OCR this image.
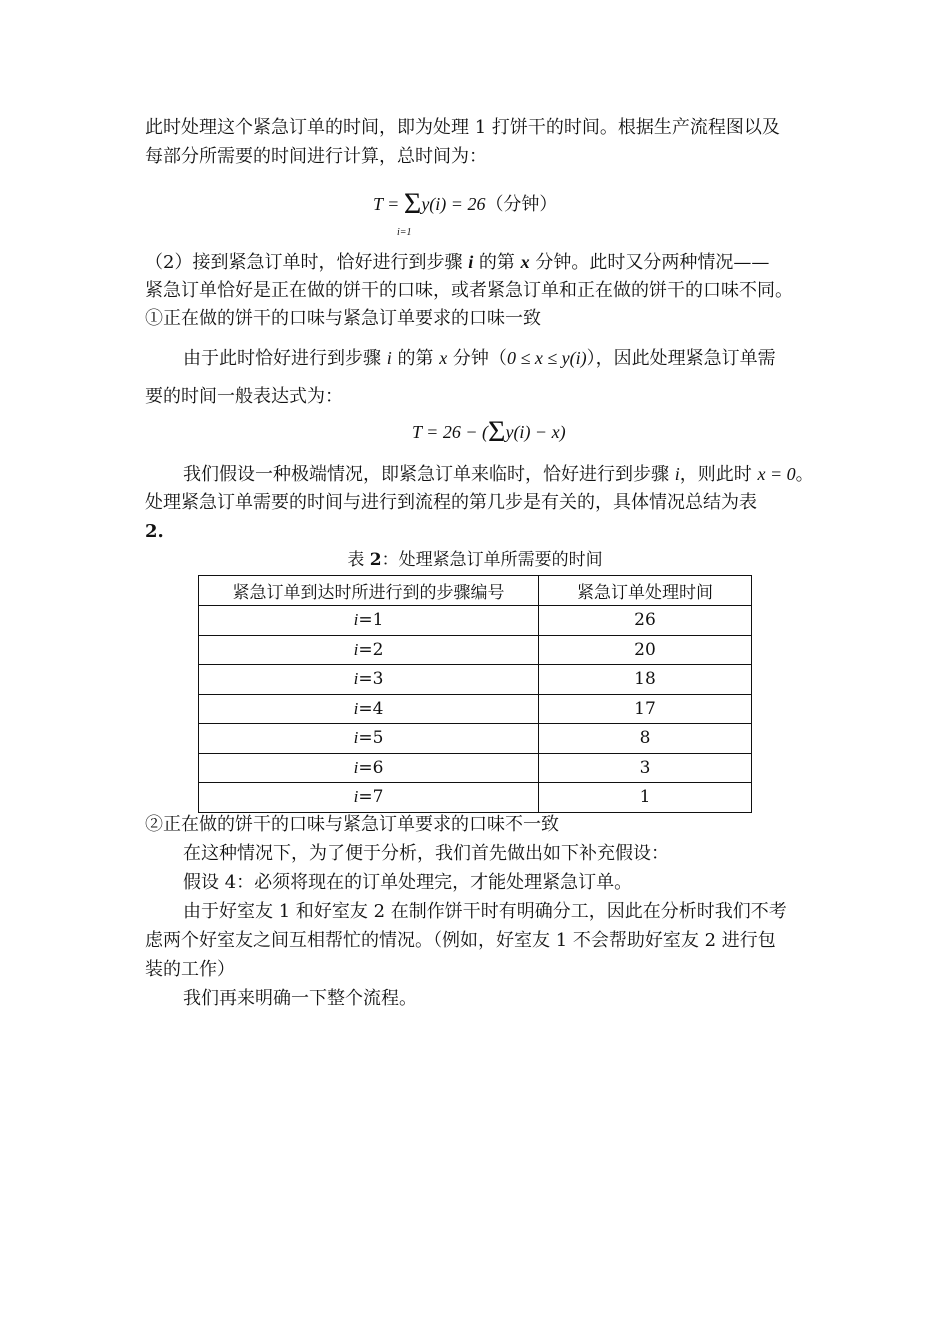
此时处理这个紧急订单的时间，即为处理 1 打饼干的时间。根据生产流程图以及
每部分所需要的时间进行计算，总时间为：
T = Σy(i) = 26（分钟）
i=1
（2）接到紧急订单时，恰好进行到步骤 i 的第 x 分钟。此时又分两种情况——
紧急订单恰好是正在做的饼干的口味，或者紧急订单和正在做的饼干的口味不同。
①正在做的饼干的口味与紧急订单要求的口味一致
由于此时恰好进行到步骤 i 的第 x 分钟（0 ≤ x ≤ y(i)），因此处理紧急订单需
要的时间一般表达式为：
T = 26 − (Σy(i) − x)
我们假设一种极端情况，即紧急订单来临时，恰好进行到步骤 i，则此时 x = 0。
处理紧急订单需要的时间与进行到流程的第几步是有关的，具体情况总结为表
2.
表 2：处理紧急订单所需要的时间
紧急订单到达时所进行到的步骤编号	紧急订单处理时间
i=1	26
i=2	20
i=3	18
i=4	17
i=5	8
i=6	3
i=7	1
②正在做的饼干的口味与紧急订单要求的口味不一致
在这种情况下，为了便于分析，我们首先做出如下补充假设：
假设 4：必须将现在的订单处理完，才能处理紧急订单。
由于好室友 1 和好室友 2 在制作饼干时有明确分工，因此在分析时我们不考
虑两个好室友之间互相帮忙的情况。（例如，好室友 1 不会帮助好室友 2 进行包
装的工作）
我们再来明确一下整个流程。
